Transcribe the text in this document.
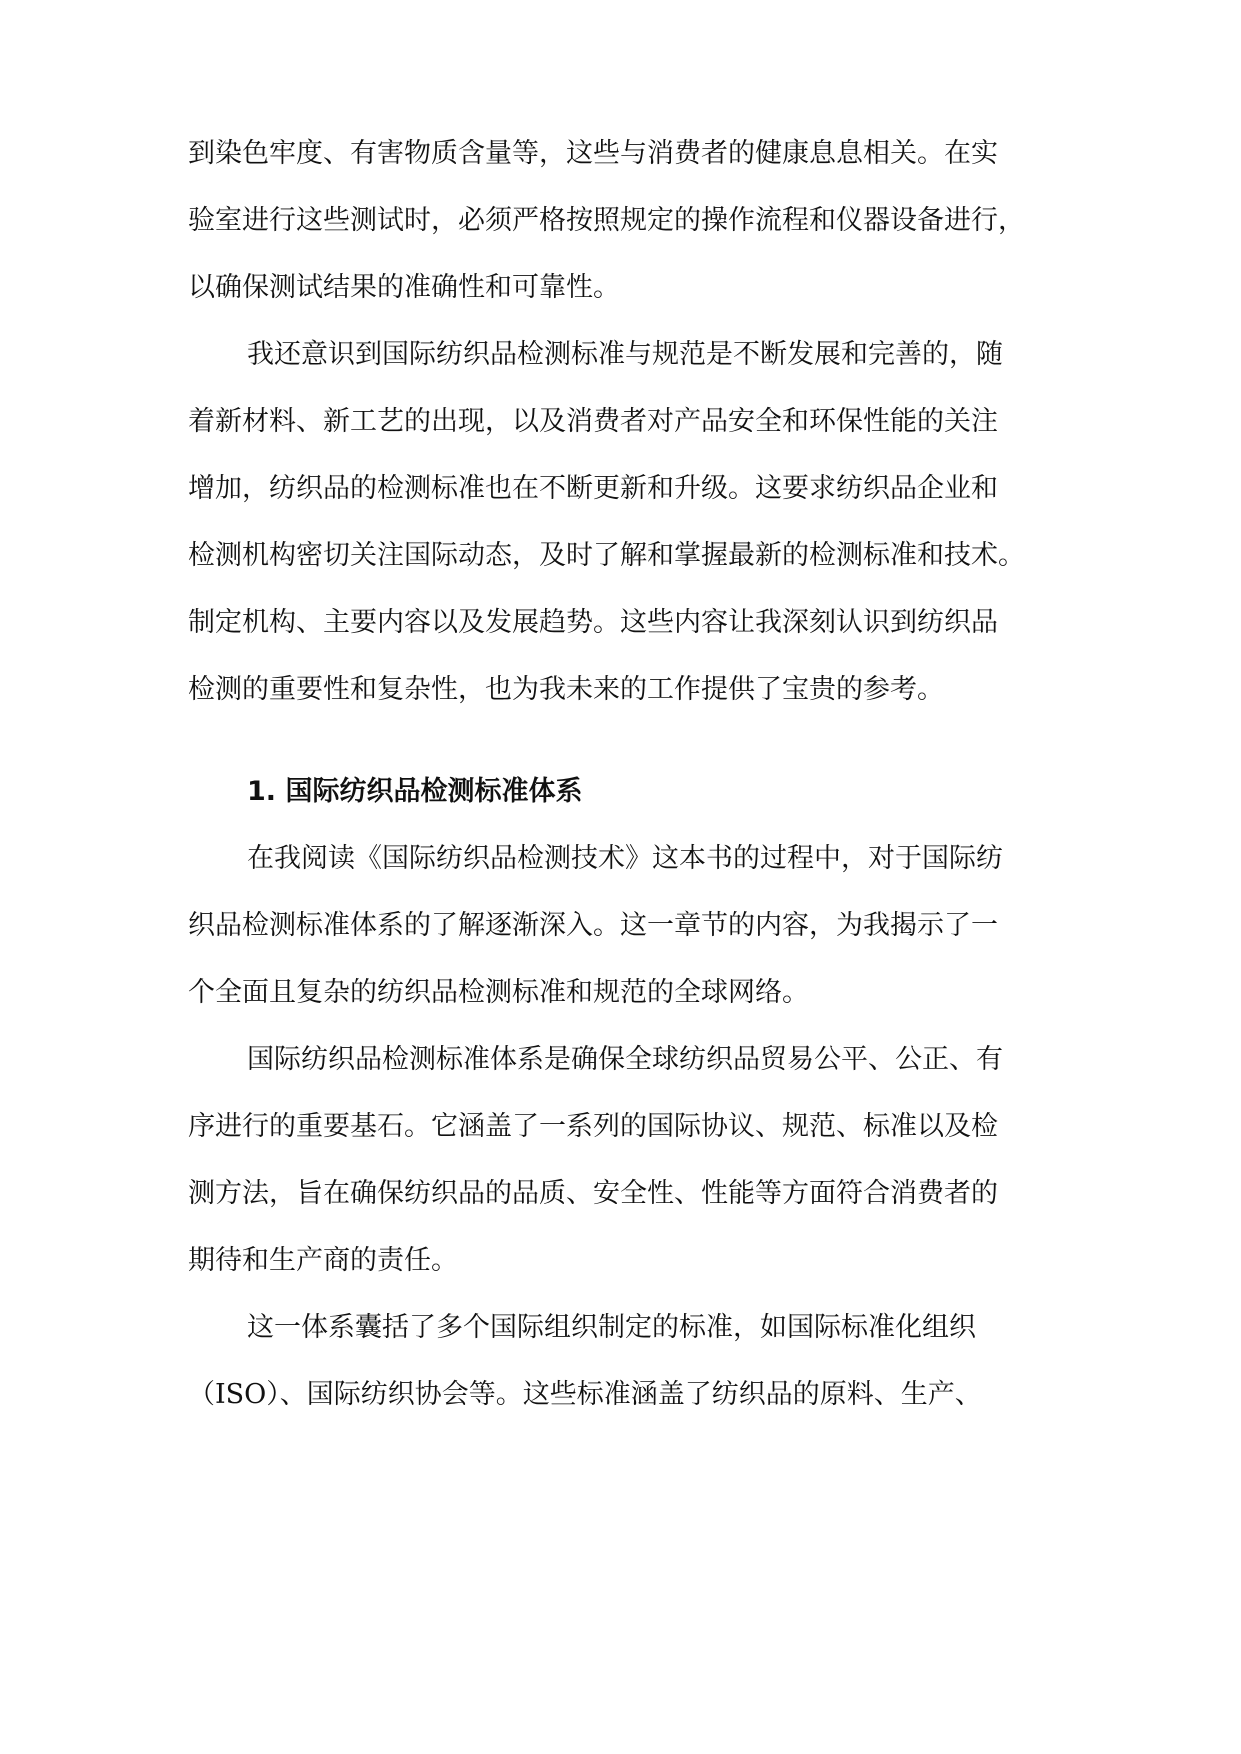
到染色牢度、有害物质含量等，这些与消费者的健康息息相关。在实
验室进行这些测试时，必须严格按照规定的操作流程和仪器设备进行，
以确保测试结果的准确性和可靠性。
我还意识到国际纺织品检测标准与规范是不断发展和完善的，随
着新材料、新工艺的出现，以及消费者对产品安全和环保性能的关注
增加，纺织品的检测标准也在不断更新和升级。这要求纺织品企业和
检测机构密切关注国际动态，及时了解和掌握最新的检测标准和技术。
制定机构、主要内容以及发展趋势。这些内容让我深刻认识到纺织品
检测的重要性和复杂性，也为我未来的工作提供了宝贵的参考。
1. 国际纺织品检测标准体系
在我阅读《国际纺织品检测技术》这本书的过程中，对于国际纺
织品检测标准体系的了解逐渐深入。这一章节的内容，为我揭示了一
个全面且复杂的纺织品检测标准和规范的全球网络。
国际纺织品检测标准体系是确保全球纺织品贸易公平、公正、有
序进行的重要基石。它涵盖了一系列的国际协议、规范、标准以及检
测方法，旨在确保纺织品的品质、安全性、性能等方面符合消费者的
期待和生产商的责任。
这一体系囊括了多个国际组织制定的标准，如国际标准化组织
（ISO）、国际纺织协会等。这些标准涵盖了纺织品的原料、生产、
